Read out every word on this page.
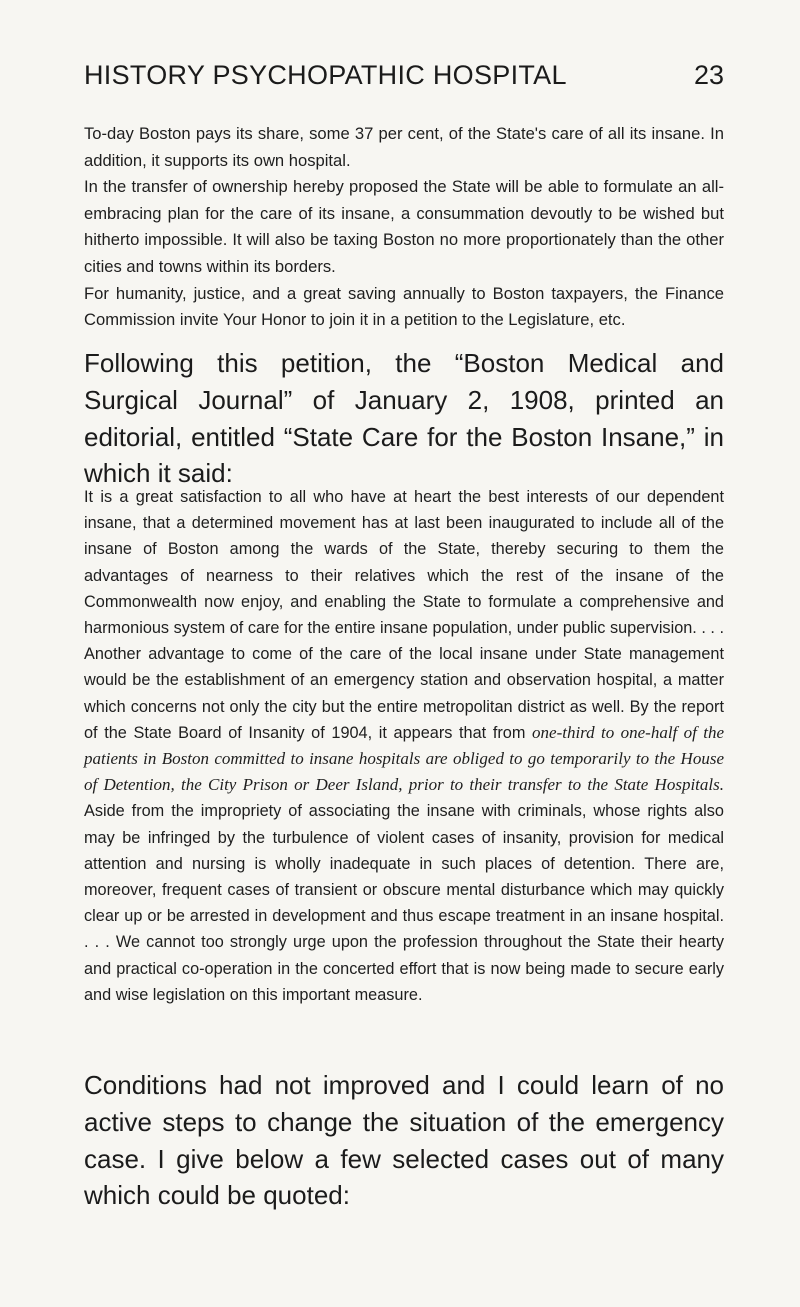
HISTORY PSYCHOPATHIC HOSPITAL	23

To-day Boston pays its share, some 37 per cent, of the State's care of all its insane. In addition, it supports its own hospital.

In the transfer of ownership hereby proposed the State will be able to formulate an all-embracing plan for the care of its insane, a consummation devoutly to be wished but hitherto impossible. It will also be taxing Boston no more proportionately than the other cities and towns within its borders.

For humanity, justice, and a great saving annually to Boston taxpayers, the Finance Commission invite Your Honor to join it in a petition to the Legislature, etc.

Following this petition, the “Boston Medical and Surgical Journal” of January 2, 1908, printed an editorial, entitled “State Care for the Boston Insane,” in which it said:

It is a great satisfaction to all who have at heart the best interests of our dependent insane, that a determined movement has at last been inaugurated to include all of the insane of Boston among the wards of the State, thereby securing to them the advantages of nearness to their relatives which the rest of the insane of the Commonwealth now enjoy, and enabling the State to formulate a comprehensive and harmonious system of care for the entire insane population, under public supervision. . . . Another advantage to come of the care of the local insane under State management would be the establishment of an emergency station and observation hospital, a matter which concerns not only the city but the entire metropolitan district as well. By the report of the State Board of Insanity of 1904, it appears that from one-third to one-half of the patients in Boston committed to insane hospitals are obliged to go temporarily to the House of Detention, the City Prison or Deer Island, prior to their transfer to the State Hospitals. Aside from the impropriety of associating the insane with criminals, whose rights also may be infringed by the turbulence of violent cases of insanity, provision for medical attention and nursing is wholly inadequate in such places of detention. There are, moreover, frequent cases of transient or obscure mental disturbance which may quickly clear up or be arrested in development and thus escape treatment in an insane hospital. . . . We cannot too strongly urge upon the profession throughout the State their hearty and practical co-operation in the concerted effort that is now being made to secure early and wise legislation on this important measure.

Conditions had not improved and I could learn of no active steps to change the situation of the emergency case. I give below a few selected cases out of many which could be quoted:
